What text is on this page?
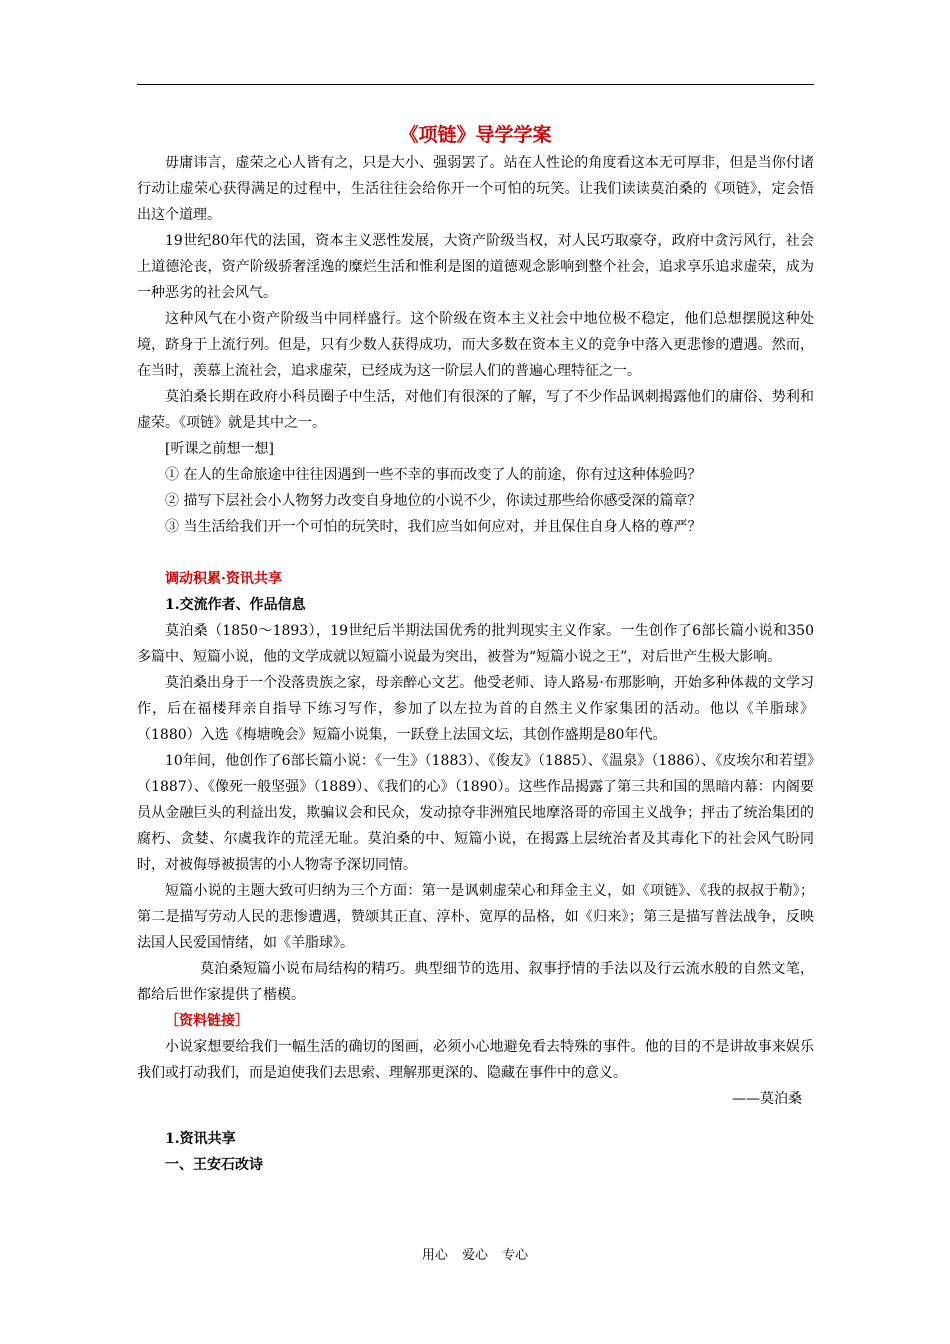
《项链》导学学案

毋庸讳言，虚荣之心人皆有之，只是大小、强弱罢了。站在人性论的角度看这本无可厚非，但是当你付诸行动让虚荣心获得满足的过程中，生活往往会给你开一个可怕的玩笑。让我们读读莫泊桑的《项链》，定会悟出这个道理。

19世纪80年代的法国，资本主义恶性发展，大资产阶级当权，对人民巧取豪夺，政府中贪污风行，社会上道德沦丧，资产阶级骄奢淫逸的糜烂生活和惟利是图的道德观念影响到整个社会，追求享乐追求虚荣，成为一种恶劣的社会风气。

这种风气在小资产阶级当中同样盛行。这个阶级在资本主义社会中地位极不稳定，他们总想摆脱这种处境，跻身于上流行列。但是，只有少数人获得成功，而大多数在资本主义的竞争中落入更悲惨的遭遇。然而，在当时，羡慕上流社会，追求虚荣，已经成为这一阶层人们的普遍心理特征之一。

莫泊桑长期在政府小科员圈子中生活，对他们有很深的了解，写了不少作品讽刺揭露他们的庸俗、势利和虚荣。《项链》就是其中之一。

[听课之前想一想]

① 在人的生命旅途中往往因遇到一些不幸的事而改变了人的前途，你有过这种体验吗？

② 描写下层社会小人物努力改变自身地位的小说不少，你读过那些给你感受深的篇章？

③ 当生活给我们开一个可怕的玩笑时，我们应当如何应对，并且保住自身人格的尊严？

调动积累·资讯共享

1.交流作者、作品信息

莫泊桑（1850～1893），19世纪后半期法国优秀的批判现实主义作家。一生创作了6部长篇小说和350多篇中、短篇小说，他的文学成就以短篇小说最为突出，被誉为“短篇小说之王”，对后世产生极大影响。

莫泊桑出身于一个没落贵族之家，母亲醉心文艺。他受老师、诗人路易·布那影响，开始多种体裁的文学习作，后在福楼拜亲自指导下练习写作，参加了以左拉为首的自然主义作家集团的活动。他以《羊脂球》（1880）入选《梅塘晚会》短篇小说集，一跃登上法国文坛，其创作盛期是80年代。

10年间，他创作了6部长篇小说：《一生》（1883）、《俊友》（1885）、《温泉》（1886）、《皮埃尔和若望》（1887）、《像死一般坚强》（1889）、《我们的心》（1890）。这些作品揭露了第三共和国的黑暗内幕：内阁要员从金融巨头的利益出发，欺骗议会和民众，发动掠夺非洲殖民地摩洛哥的帝国主义战争；抨击了统治集团的腐朽、贪婪、尔虞我诈的荒淫无耻。莫泊桑的中、短篇小说，在揭露上层统治者及其毒化下的社会风气盼同时，对被侮辱被损害的小人物寄予深切同情。

短篇小说的主题大致可归纳为三个方面：第一是讽刺虚荣心和拜金主义，如《项链》、《我的叔叔于勒》；第二是描写劳动人民的悲惨遭遇，赞颂其正直、淳朴、宽厚的品格，如《归来》；第三是描写普法战争，反映法国人民爱国情绪，如《羊脂球》。

莫泊桑短篇小说布局结构的精巧。典型细节的选用、叙事抒情的手法以及行云流水般的自然文笔，都给后世作家提供了楷模。

［资料链接］

小说家想要给我们一幅生活的确切的图画，必须小心地避免看去特殊的事件。他的目的不是讲故事来娱乐我们或打动我们，而是迫使我们去思索、理解那更深的、隐藏在事件中的意义。

——莫泊桑

1.资讯共享

一、王安石改诗

用心 爱心 专心
